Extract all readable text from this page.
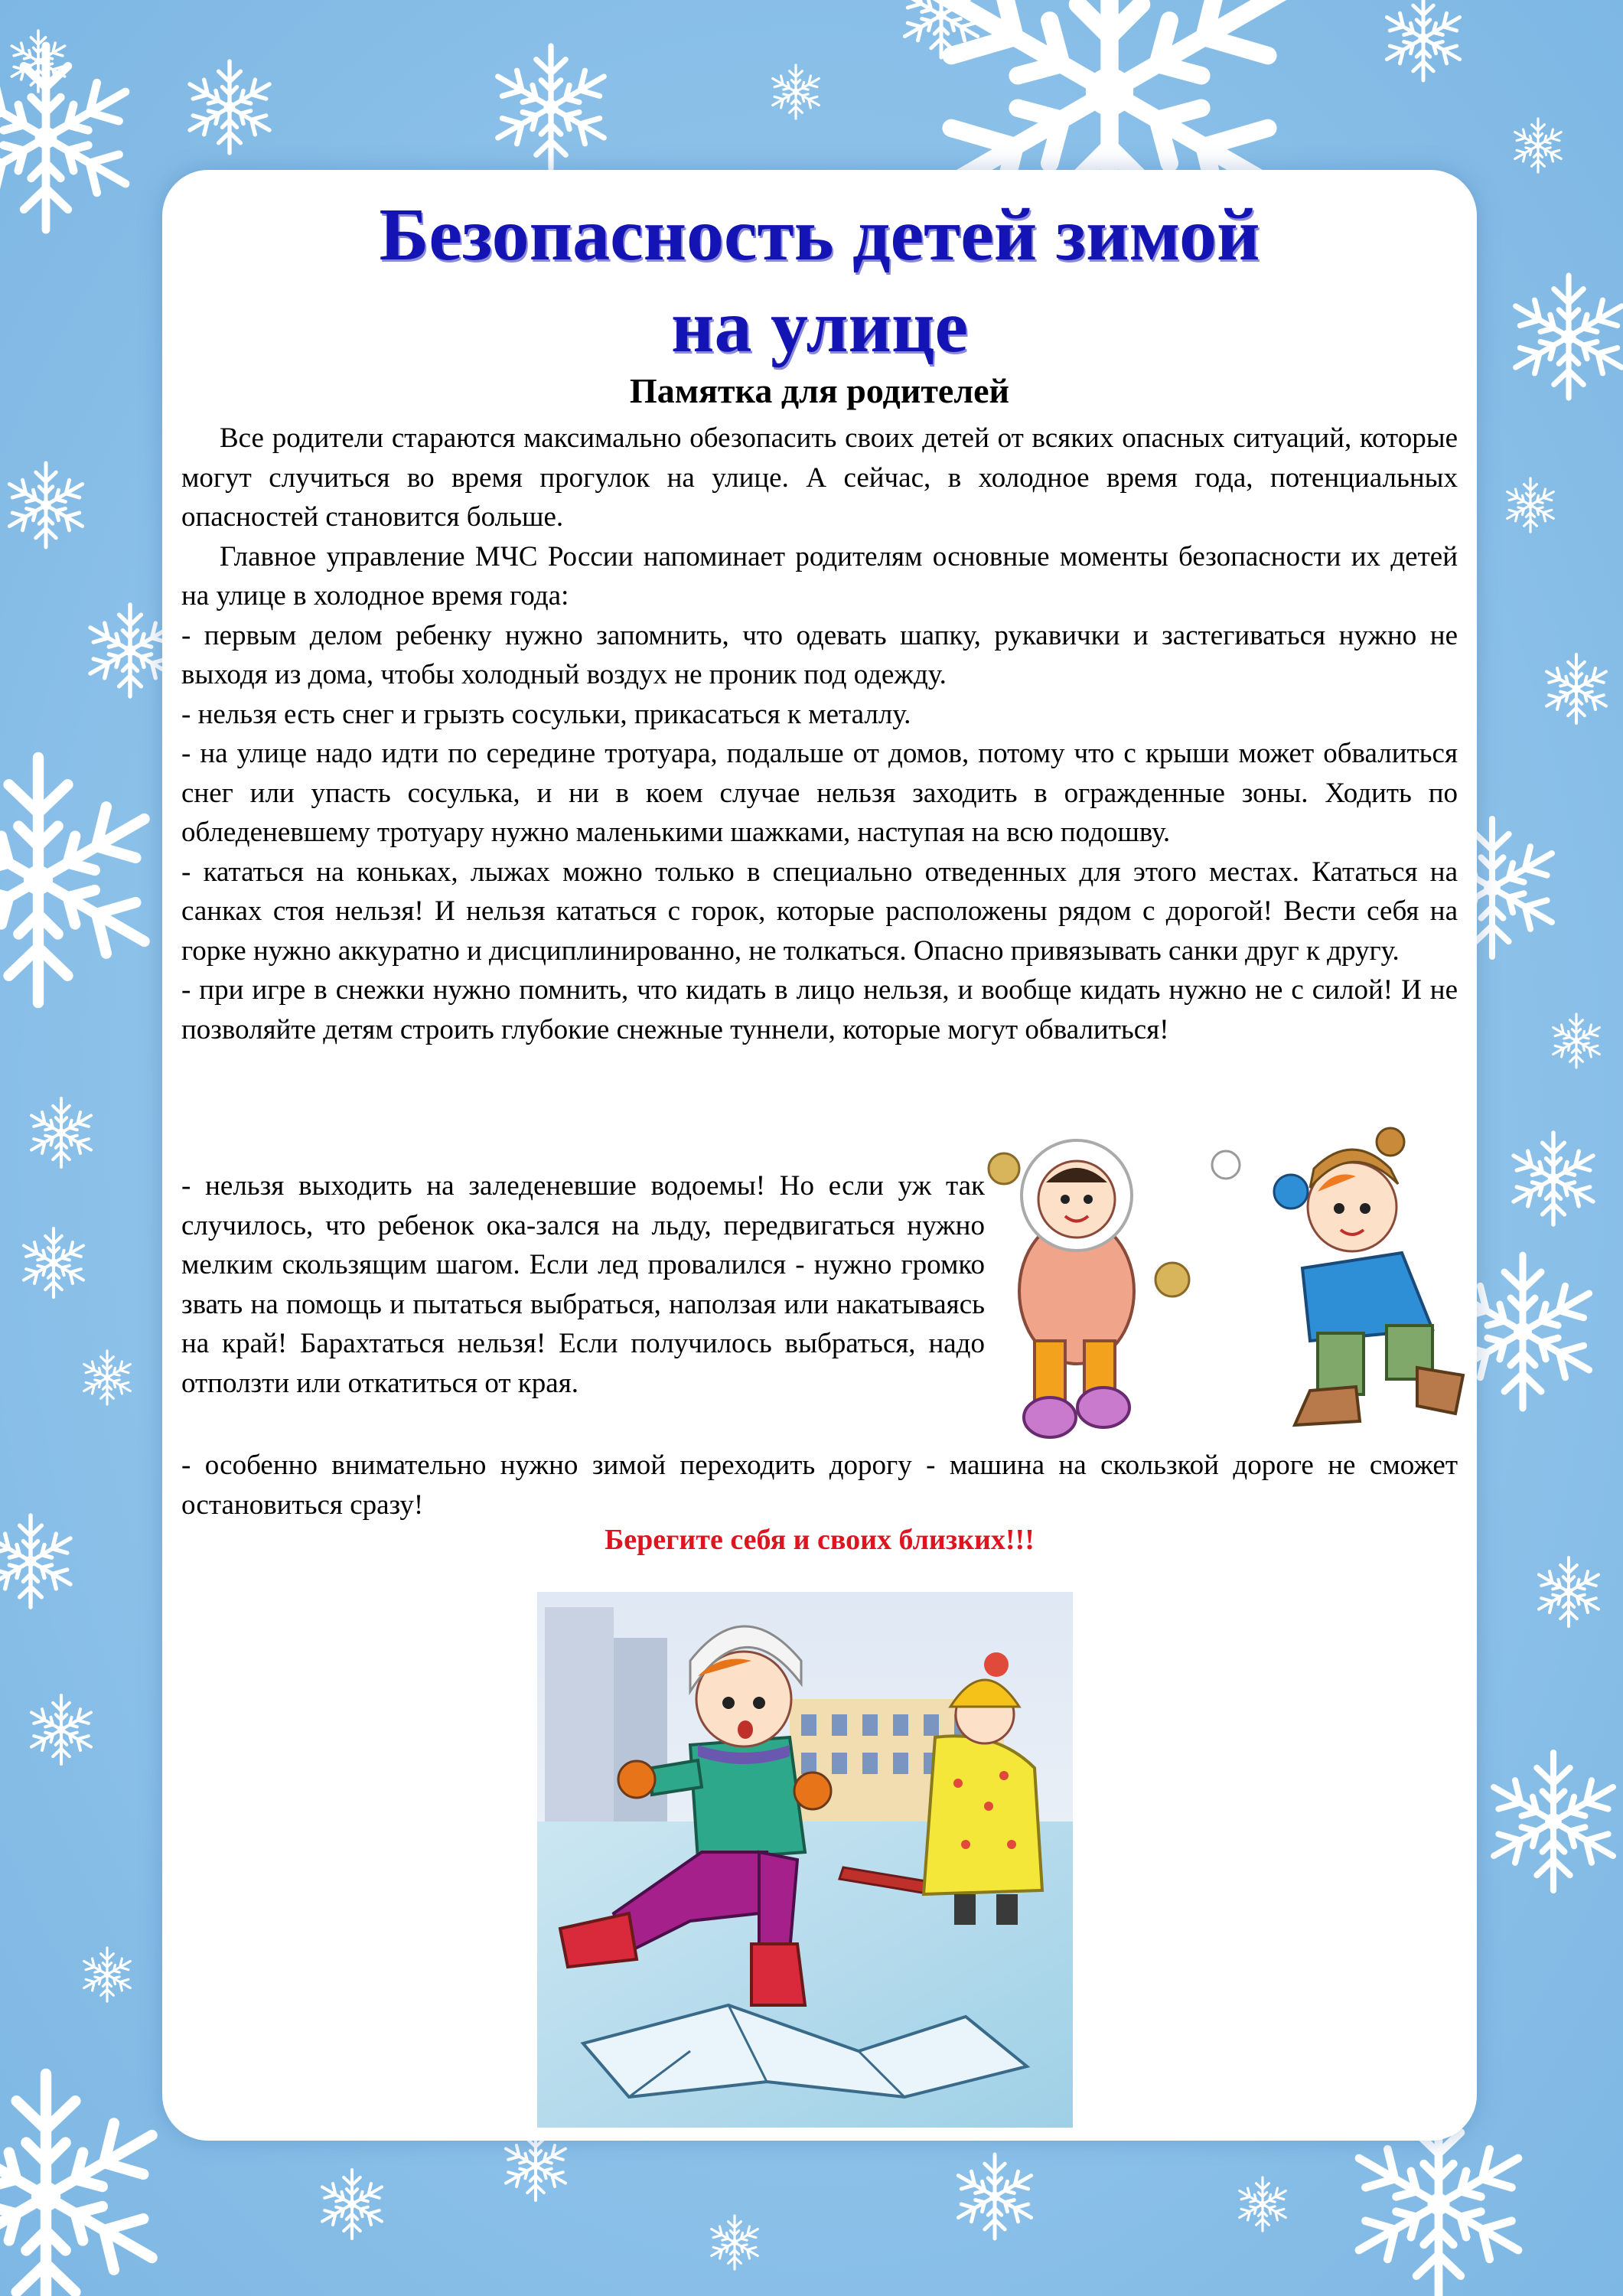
Безопасность детей зимой
на улице
Памятка для родителей

Все родители стараются максимально обезопасить своих детей от всяких опасных ситуаций, которые могут случиться во время прогулок на улице. А сейчас, в холодное время года, потенциальных опасностей становится больше.

Главное управление МЧС России напоминает родителям основные моменты безопасности их детей на улице в холодное время года:

- первым делом ребенку нужно запомнить, что одевать шапку, рукавички и застегиваться нужно не выходя из дома, чтобы холодный воздух не проник под одежду.

- нельзя есть снег и грызть сосульки, прикасаться к металлу.

- на улице надо идти по середине тротуара, подальше от домов, потому что с крыши может обвалиться снег или упасть сосулька, и ни в коем случае нельзя заходить в огражденные зоны. Ходить по обледеневшему тротуару нужно маленькими шажками, наступая на всю подошву.

- кататься на коньках, лыжах можно только в специально отведенных для этого местах. Кататься на санках стоя нельзя! И нельзя кататься с горок, которые расположены рядом с дорогой! Вести себя на горке нужно аккуратно и дисциплинированно, не толкаться. Опасно привязывать санки друг к другу.

- при игре в снежки нужно помнить, что кидать в лицо нельзя, и вообще кидать нужно не с силой! И не позволяйте детям строить глубокие снежные туннели, которые могут обвалиться!

- нельзя выходить на заледеневшие водоемы! Но если уж так случилось, что ребенок ока-зался на льду, передвигаться нужно мелким скользящим шагом. Если лед провалился - нужно громко звать на помощь и пытаться выбраться, наползая или накатываясь на край! Барахтаться нельзя! Если получилось выбраться, надо отползти или откатиться от края.

- особенно внимательно нужно зимой переходить дорогу - машина на скользкой дороге не сможет остановиться сразу!

Берегите себя и своих близких!!!
